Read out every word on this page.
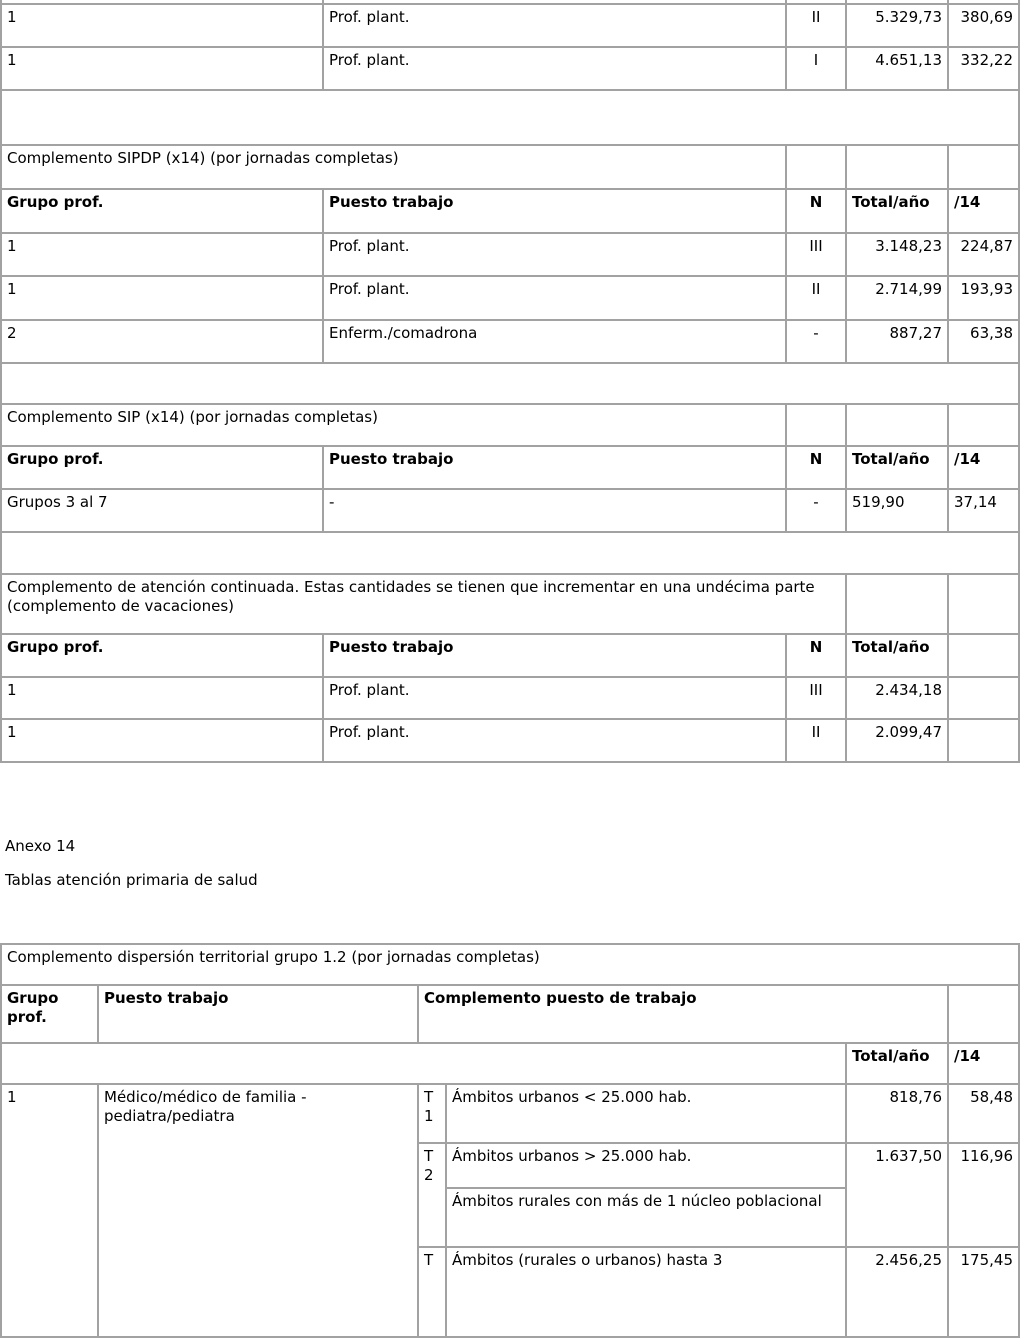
1	Prof. plant.	II	5.329,73	380,69
1	Prof. plant.	I	4.651,13	332,22

Complemento SIPDP (x14) (por jornadas completas)				
Grupo prof.	Puesto trabajo	N	Total/año	/14
1	Prof. plant.	III	3.148,23	224,87
1	Prof. plant.	II	2.714,99	193,93
2	Enferm./comadrona	-	887,27	63,38

Complemento SIP (x14) (por jornadas completas)				
Grupo prof.	Puesto trabajo	N	Total/año	/14
Grupos 3 al 7	-	-	519,90	37,14

Complemento de atención continuada. Estas cantidades se tienen que incrementar en una undécima parte (complemento de vacaciones)				
Grupo prof.	Puesto trabajo	N	Total/año	
1	Prof. plant.	III	2.434,18	
1	Prof. plant.	II	2.099,47	

Anexo 14

Tablas atención primaria de salud

Complemento dispersión territorial grupo 1.2 (por jornadas completas)					
Grupo prof.	Puesto trabajo	Complemento puesto de trabajo			
				Total/año	/14
1	Médico/médico de familia - pediatra/pediatra	T 1	Ámbitos urbanos < 25.000 hab.	818,76	58,48
		T 2	Ámbitos urbanos > 25.000 hab.	1.637,50	116,96
			Ámbitos rurales con más de 1 núcleo poblacional		
		T	Ámbitos (rurales o urbanos) hasta 3	2.456,25	175,45
